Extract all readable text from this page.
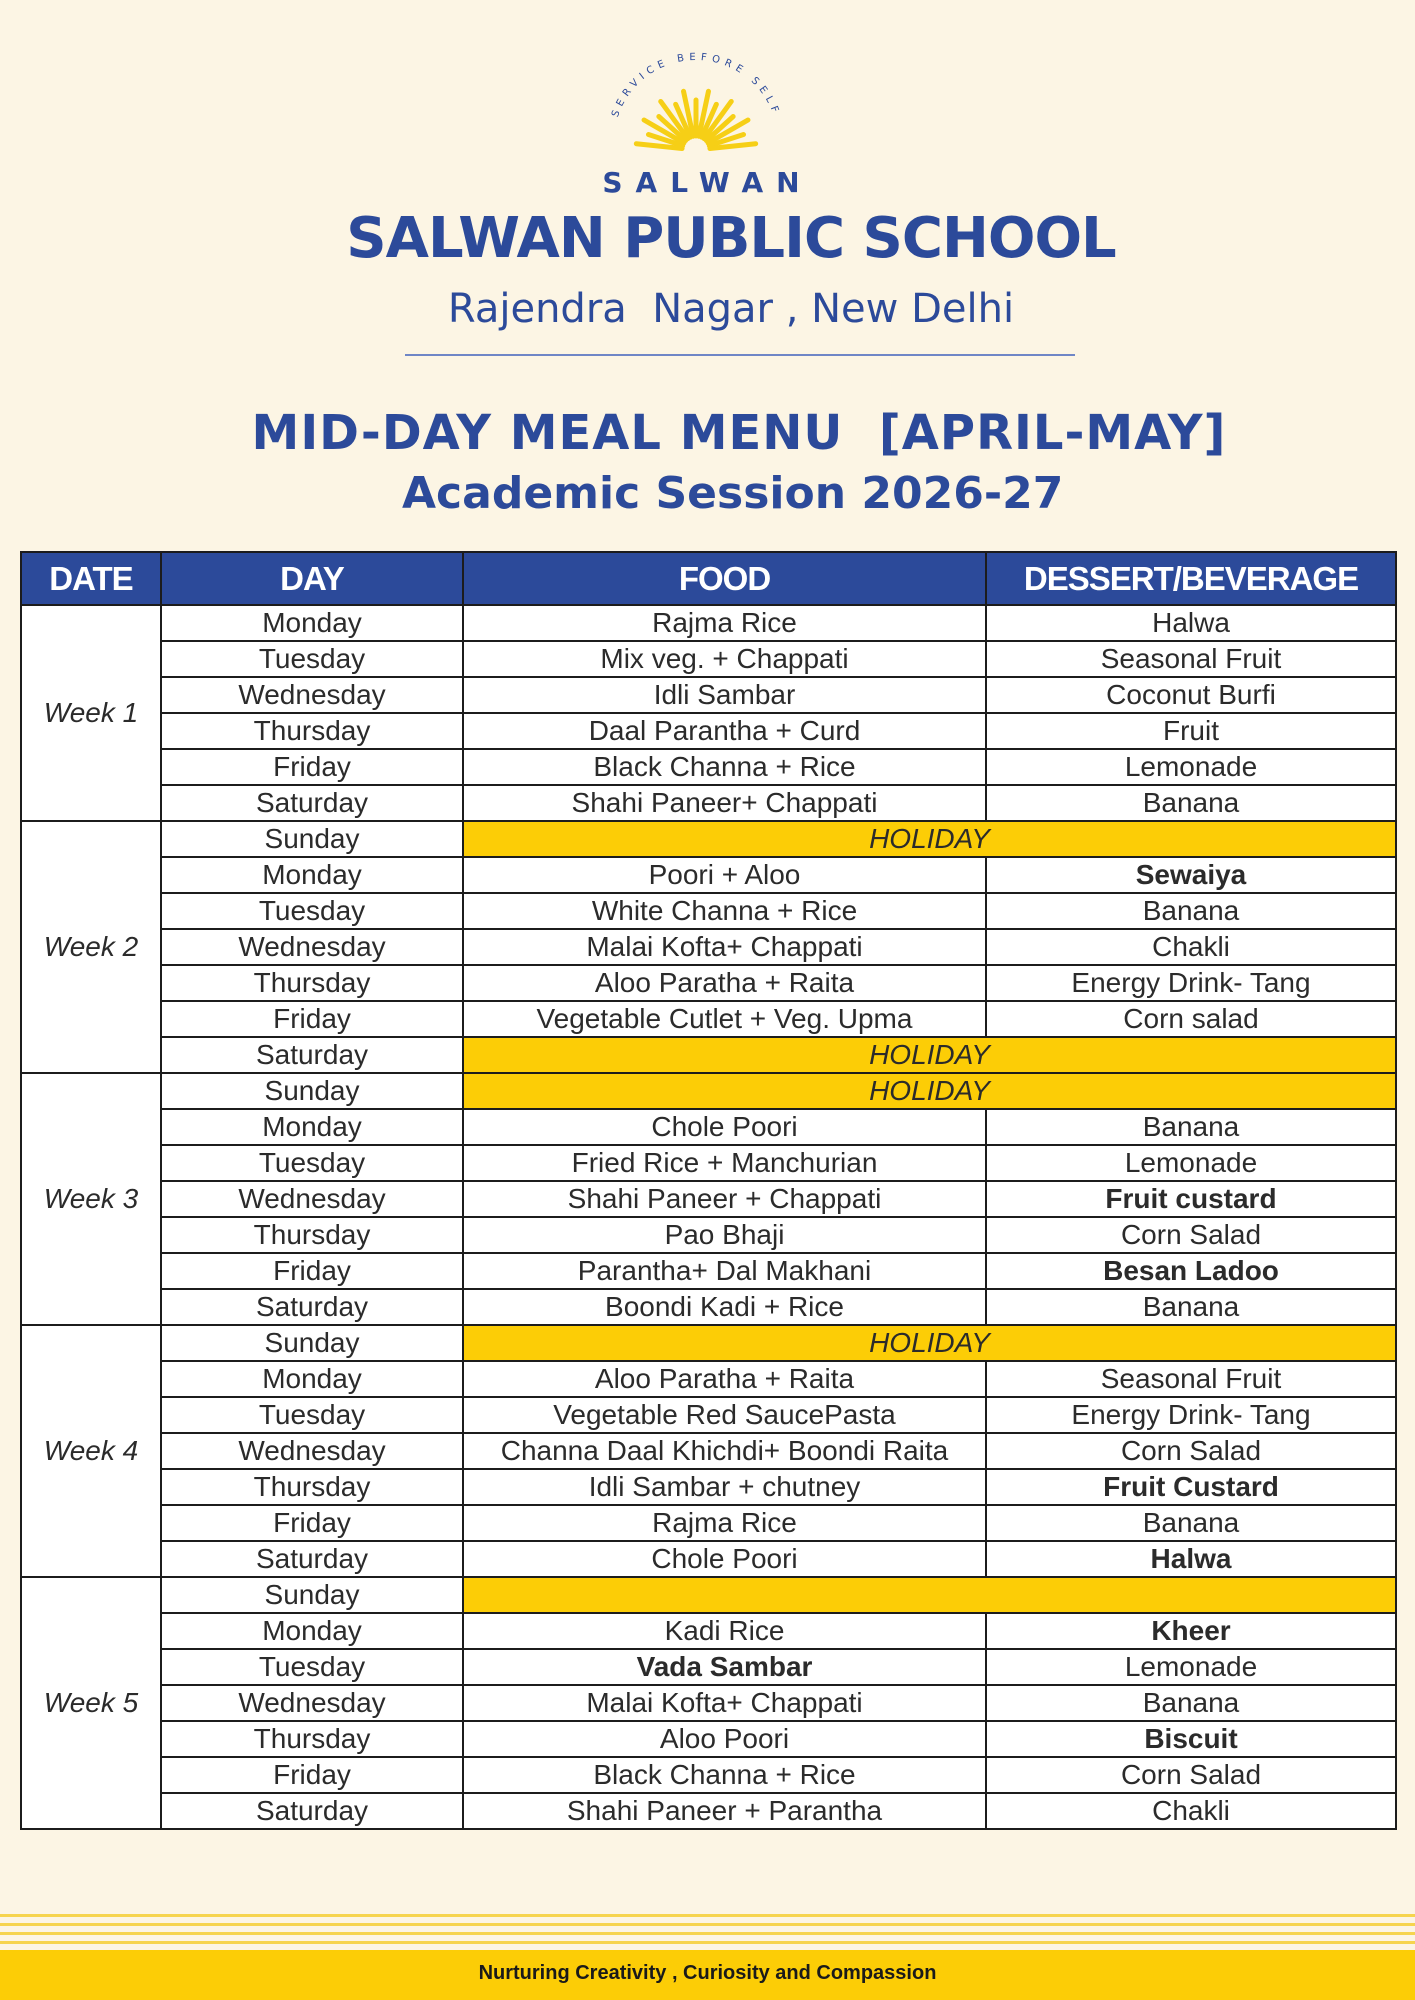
SERVICE BEFORE SELF
SALWAN
SALWAN PUBLIC SCHOOL
Rajendra  Nagar , New Delhi
MID-DAY MEAL MENU  [APRIL-MAY]
Academic Session 2026-27
DATE	DAY	FOOD	DESSERT/BEVERAGE
Week 1	Monday	Rajma Rice	Halwa
	Tuesday	Mix veg. + Chappati	Seasonal Fruit
	Wednesday	Idli Sambar	Coconut Burfi
	Thursday	Daal Parantha + Curd	Fruit
	Friday	Black Channa + Rice	Lemonade
	Saturday	Shahi Paneer+ Chappati	Banana
Week 2	Sunday	HOLIDAY	
	Monday	Poori + Aloo	Sewaiya
	Tuesday	White Channa + Rice	Banana
	Wednesday	Malai Kofta+ Chappati	Chakli
	Thursday	Aloo Paratha + Raita	Energy Drink- Tang
	Friday	Vegetable Cutlet + Veg. Upma	Corn salad
	Saturday	HOLIDAY	
Week 3	Sunday	HOLIDAY	
	Monday	Chole Poori	Banana
	Tuesday	Fried Rice + Manchurian	Lemonade
	Wednesday	Shahi Paneer + Chappati	Fruit custard
	Thursday	Pao Bhaji	Corn Salad
	Friday	Parantha+ Dal Makhani	Besan Ladoo
	Saturday	Boondi Kadi + Rice	Banana
Week 4	Sunday	HOLIDAY	
	Monday	Aloo Paratha + Raita	Seasonal Fruit
	Tuesday	Vegetable Red SaucePasta	Energy Drink- Tang
	Wednesday	Channa Daal Khichdi+ Boondi Raita	Corn Salad
	Thursday	Idli Sambar + chutney	Fruit Custard
	Friday	Rajma Rice	Banana
	Saturday	Chole Poori	Halwa
Week 5	Sunday		
	Monday	Kadi Rice	Kheer
	Tuesday	Vada Sambar	Lemonade
	Wednesday	Malai Kofta+ Chappati	Banana
	Thursday	Aloo Poori	Biscuit
	Friday	Black Channa + Rice	Corn Salad
	Saturday	Shahi Paneer + Parantha	Chakli
Nurturing Creativity , Curiosity and Compassion
